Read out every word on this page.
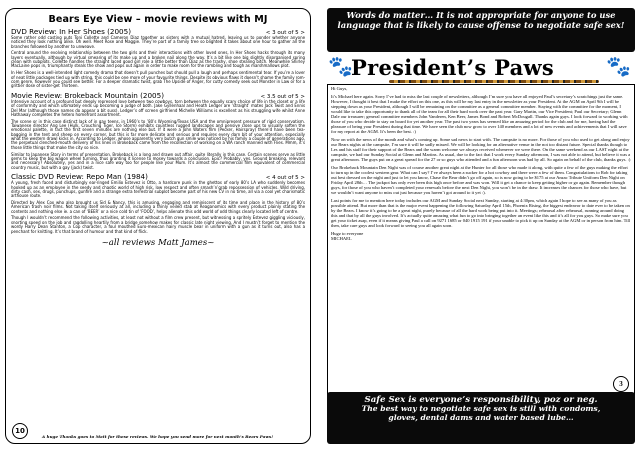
Bears Eye View – movie reviews with MJ
DVD Review: In Her Shoes (2005)	< 3 out of 5 >

Some rather odd casting puts Toni Collette and Cameron Diaz together as sisters with a mutual hatred, leaving us to ponder whether anyone noticed they look nothing alike. Oh well. Meet Rose and Maggie. They’re part of a family tree so blighted it takes about one hour to gather all the branches followed by another to unweave.

Central around the evolving relationship between the two girls and their interactions with other loved ones, In Her Shoes hacks through its many layers eventually, although by virtual smearing of its make up and a broken nail along the way. It’s a bit like one big slightly disorganised spring clean with subplots. Collette handles the straight laced good girl role a little better than Diaz as the trashy, shoe stealing bitch. Meanwhile Shirley MacLaine pops in, triumphantly steals the show and pops out again in order to make room for the rambling and tough as marshmallows plot.

In Her Shoes is a well-intended light comedy drama that doesn’t pull punches but should pull a laugh and perhaps sentimental tear. If you’re a lover of neat little packages tied up with string, this could be one more of your favourite things. Despite its obvious flaws it doesn’t shame the family rom-com genre, however you could see better. For a deeper dramatic twist, grab The Upside of Anger, for cutty comedy seek out Monster in Law or for a grittier dose of sister-get Thirteen.

Movie Review: Brokeback Mountain (2005)	< 3.5 out of 5 >

Intensive account of a profound but deeply repressed love between two cowboys, torn between the equally scary choice of life in the closet or a life of conformity and which ultimately ends up becoming a judge of both. Jake Gyllenhaal and Heath Ledger are ‘straight’ mates Jack Twist and Ennis Del Mar (although those names do appear a bit suss). Ledger’s off screen girlfriend Michelle Williams is excellent as his struggling wife whilst Anne Hathaway completes the hetero homefront assortment.

The scene or in this case distinct lack of in gay teens, in 1960’s to ’80’s Wyoming/Texas USA and the omnipresent pressure of rigid conservatism. Taiwanese director Ang Lee (Hulk, Crouching Tiger, Ice Storm) exhibits countless rugged landscapes and pensive close ups to visually soften the emotional palette, in fact the first seven minutes are nothing else but. If it were a John Waters film (Pecker, Hairspray) there’d have been tea-bagging in the tent and sheep on every corner, but this is far more delicate and serious and requires every darn bit of your attention, especially what the western drawl kicks in. According to Ledger, whose apparently very butch gun smile was noticed by his family a couple of generations ago, the perpetual clenched-mouth delivery of his lines in Brokeback came from the recollection of working on a WA ranch manned with Flies. Mmm, it’s those little things that make the city so nice.

Similar to Japanese Story in terms of presentation, Brokeback is a long and drawn out affair, quite literally in this case. Certain scenes serve as little gems to keep the big wagon wheel turning, thus granting it license to mosey towards a conclusion. Epic? Probably, yes. Ground breaking, relevant and necessary? Absolutely, yes and in a nice safe way too for people like your Mum. It’s almost the commercial film equivalent of commercial country music, but with a gay (jack) twist.

Classic DVD Review: Repo Man (1984)	< 4 out of 5 >

A young, fresh faced and disturbingly ear-ringed Emilio Estevez is Otto, a hardcore punk in the ghettos of early 80’s LA who suddenly becomes hooked up as an employee in the seedy and chaotic world of high risk, low respect and often smash’n’grab repossession of vehicles. Wild driving, dirty cash, sex, drugs, punchups, gunfire and a strange extra terrestrial subplot become part of his new CV in no time, all via a cool yet charismatic arthouse route.

Directed by Alex Cox who also brought us Sid & Nancy, this is amusing, engaging and reminiscent of its time and place in the history of 80’s American trash noir films. Not taking itself seriously at all, including a thinly veiled stab at Reaganomics with every product plainly stating the contents and nothing else ie. a can of ‘BEER’ or a nice cold tin of ‘FOOD’, helps alienate this odd world of odd things clearly located left of centre.

Though I wouldn’t recommend the following activities, at least not without a film crew present, but witnessing a spritely Estevez giggling viciously, snorting speed on the job and ragdolling heartily from a bridge somehow makes for classic late night viewing. And I mustn’t forget to mention the wordy Harry Dean Stanton, a Cop character, a foul mouthed Euro-mexican hairy muscle bear in uniform with a gun as it turns out, also has a penchant for knitting. It’s that brand of humour and that kind of flick.

~all reviews Matt James~
10
A huge Thanks goes to Matt for these reviews. We hope you send more for next month’s Bears Paws!
Words do matter… It is not appropriate for anyone to use
language that is likely to cause offense to negotiate safe sex!
🐾
President’s Paws	🐾

Hi Guys,

It’s Michael here again. Sorry I’ve had to miss the last couple of newsletters, although I’m sure you have all enjoyed Paul’s secretary’s scratchings just the same. However, I thought it best that I make the effort on this one, as this will be my last entry in the newsletter as your President. At the AGM on April 9th I will be stepping down as your President, although I will be remaining on the committee as a general committee member. Staying with the committee for the moment, I would like to take this opportunity to thank all of the team for all their hard work over the past year. Gary Martin, our Vice President; Paul our Secretary; Glenn Dale our treasurer; general committee members John Vanderen, Ken Beer, James Bond and Robert McDougall. Thanks again guys. I look forward to working with those of you who decide to stay on board for yet another year. The past two years has seemed like an amazing period for the club and for me, having had the pleasure of being your President during that time. We have seen the club now grow to over 140 members and a lot of new events and achievements that I will save for my report at the AGM. It’s been the best. :)

Now on with the news of the month and what’s coming up. Some sad news to start with. The campsite is no more. For those of you who used to get along and enjoy our Bears nights at the campsite, I’m sure it will be sadly missed. We will be looking for an alternative venue in the not too distant future. Special thanks though to Les and his staff for their support of the Bears and the warm welcome we always received whenever we were there. On the same weekend as our LAST night at the campsite, we had our Sunday Social at Glenn and Martins. As usual, due to the fact that I work every Sunday afternoon, I was not able to attend, but believe it was a great afternoon. The guys put on a great spread for the 27 or so guys who attended and a fun afternoon was had by all. So again on behalf of the club, thanks guys. :)

Our Brokeback Mountain Den Night was of course another great night at the Hunter for all those who made it along, with quite a few of the guys making the effort to turn up in the coolest western gear. What can I say? I’ve always been a sucker for a hot cowboy and there were a few of them. Congratulations to Rob for taking out best dressed on the night and just to let you know, Chase the Bear didn’t go off again, so is now going to be $175 at our Anzac Tribute Uniform Den Night on Friday April 28th… The jackpot has only ever been this high once before and was won. Will it get a chance to keep getting higher or go again. Remember though guys, for those of you who haven’t completed your renewals before the next Den Night, you won’t be in the draw. It increases the chances for those who have, but we wouldn’t want anyone to miss out just because you haven’t got around to it yet :).

Last points for me to mention here today includes our AGM and Sunday Social next Sunday, starting at 4:30pm, which again I hope to see as many of you as possible attend. But more than that is the major event happening the following Saturday April 15th, Phoenix Rising, the biggest endeavor to date ever to be taken on by the Bears. I know it’s going to be a great night, purely because of all the hard work being put into it. Meetings; rehearsal after rehearsal, running around doing this and that by all the guys involved. It’s actually quite amazing what fun to go into bringing together an event like this and it’s all for you guys. So make sure you get your ticket asap, even if it means giving Paul a call on 9271 1685 or 040 1915 191 if your unable to pick it up on Sunday at the AGM or in person from him. Till then, take care guys and look forward to seeing you all again soon.

Hugz to everyone

MICHAEL

3
Safe Sex is everyone’s responsibility, poz or neg.
The best way to negotiate safe sex is still with condoms,
gloves, dental dams and water based lube…
